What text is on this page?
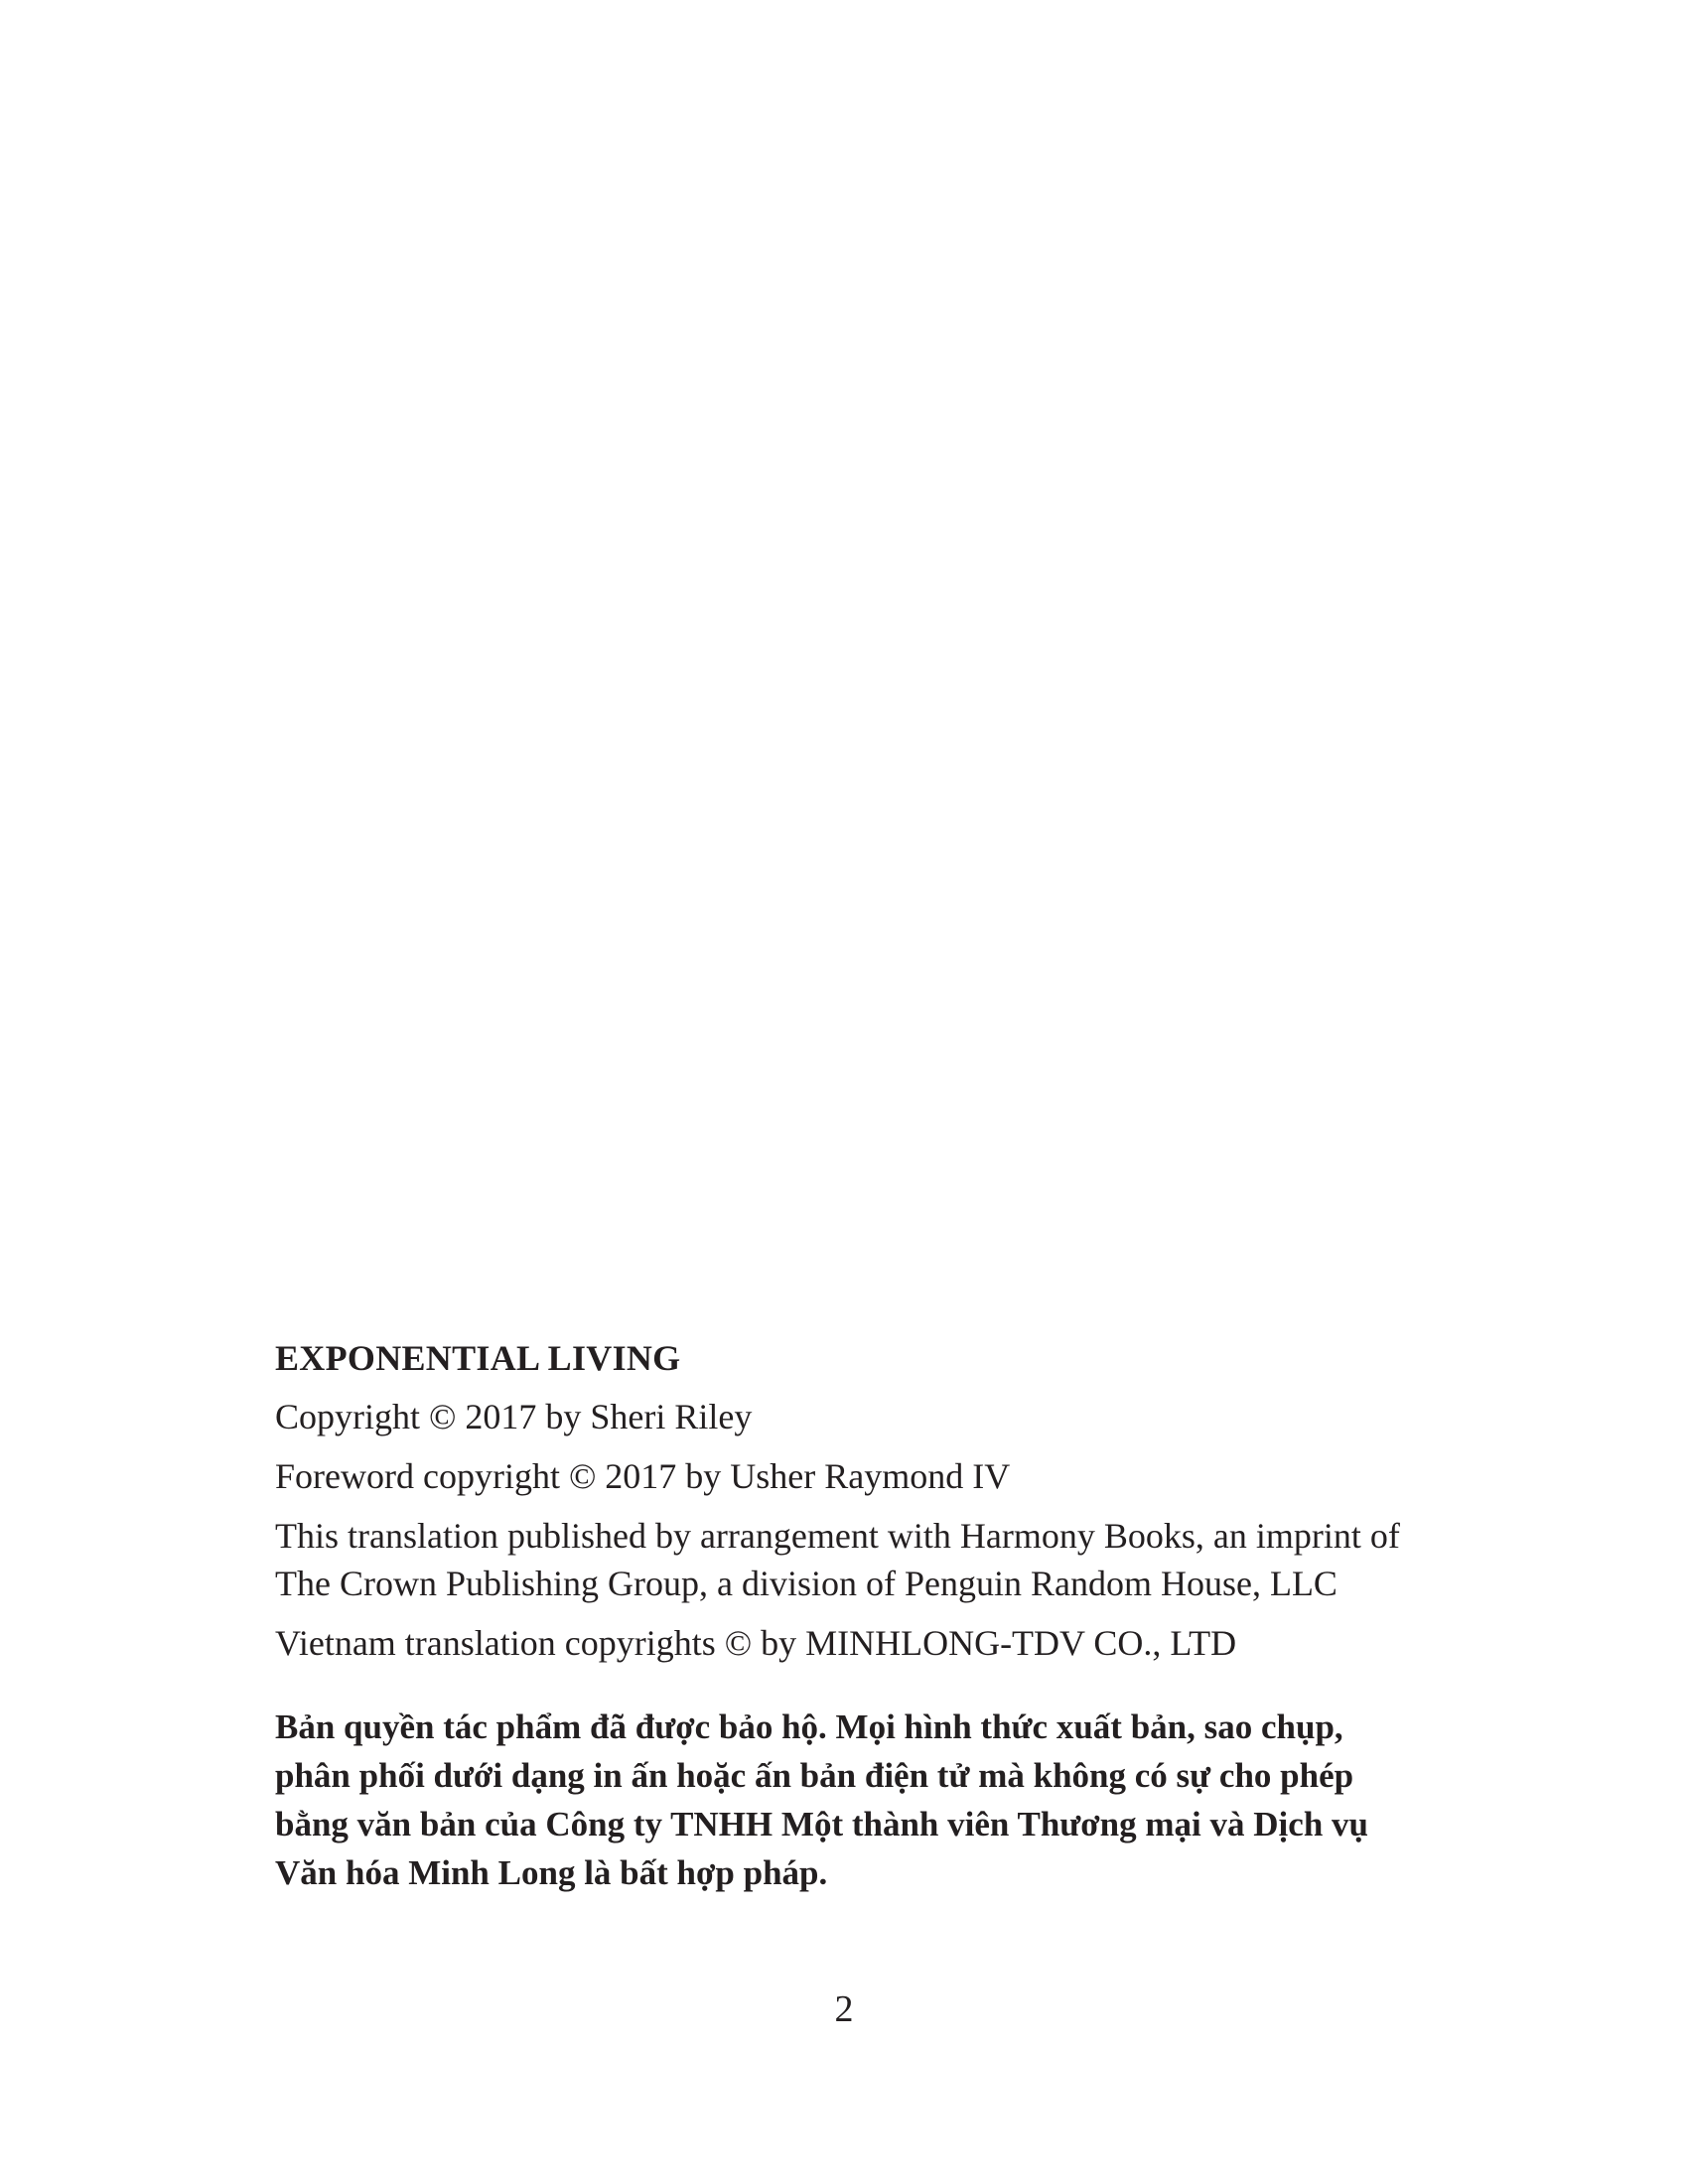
EXPONENTIAL LIVING
Copyright © 2017 by Sheri Riley
Foreword copyright © 2017 by Usher Raymond IV
This translation published by arrangement with Harmony Books, an imprint of The Crown Publishing Group, a division of Penguin Random House, LLC
Vietnam translation copyrights © by MINHLONG-TDV CO., LTD
Bản quyền tác phẩm đã được bảo hộ. Mọi hình thức xuất bản, sao chụp, phân phối dưới dạng in ấn hoặc ấn bản điện tử mà không có sự cho phép bằng văn bản của Công ty TNHH Một thành viên Thương mại và Dịch vụ Văn hóa Minh Long là bất hợp pháp.
2
